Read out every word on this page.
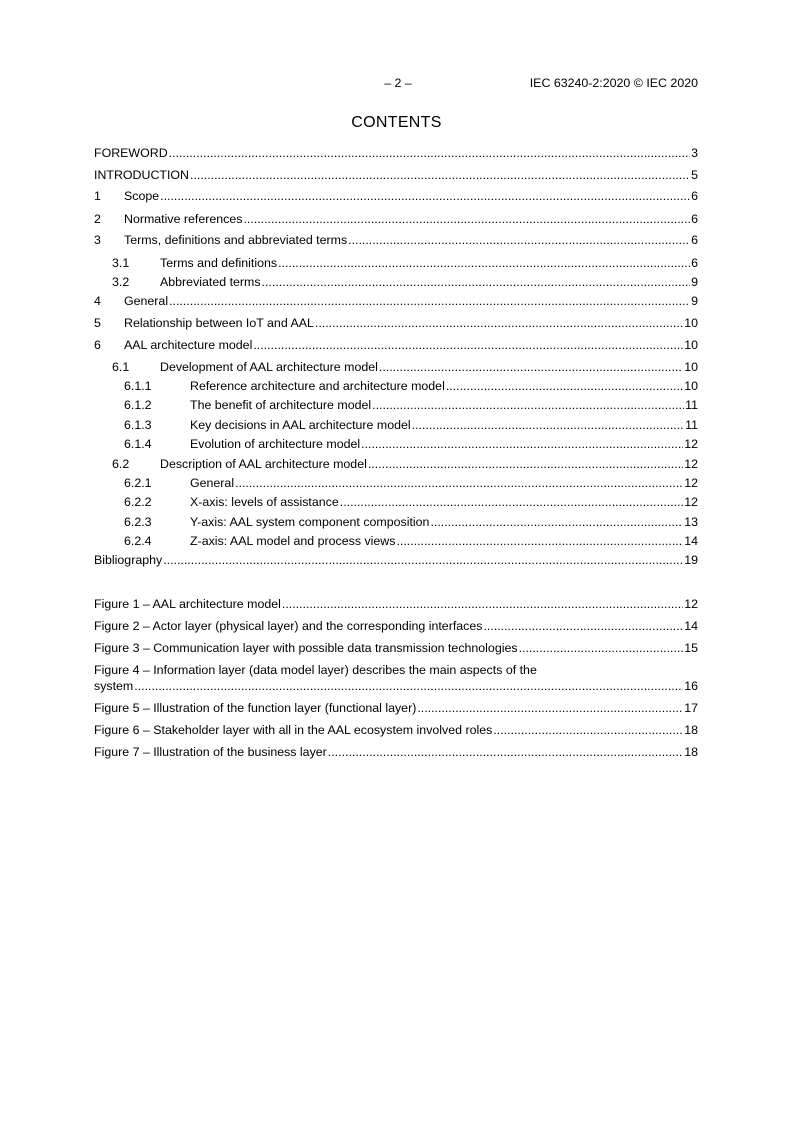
– 2 –	IEC 63240-2:2020 © IEC 2020
CONTENTS
FOREWORD .....	3
INTRODUCTION .....	5
1	Scope .....	6
2	Normative references .....	6
3	Terms, definitions and abbreviated terms .....	6
3.1	Terms and definitions .....	6
3.2	Abbreviated terms .....	9
4	General .....	9
5	Relationship between IoT and AAL .....	10
6	AAL architecture model .....	10
6.1	Development of AAL architecture model .....	10
6.1.1	Reference architecture and architecture model .....	10
6.1.2	The benefit of architecture model .....	11
6.1.3	Key decisions in AAL architecture model .....	11
6.1.4	Evolution of architecture model .....	12
6.2	Description of AAL architecture model .....	12
6.2.1	General .....	12
6.2.2	X-axis: levels of assistance .....	12
6.2.3	Y-axis: AAL system component composition .....	13
6.2.4	Z-axis: AAL model and process views .....	14
Bibliography .....	19
Figure 1 – AAL architecture model .....	12
Figure 2 – Actor layer (physical layer) and the corresponding interfaces .....	14
Figure 3 – Communication layer with possible data transmission technologies .....	15
Figure 4 – Information layer (data model layer) describes the main aspects of the
system .....	16
Figure 5 – Illustration of the function layer (functional layer) .....	17
Figure 6 – Stakeholder layer with all in the AAL ecosystem involved roles .....	18
Figure 7 – Illustration of the business layer .....	18
